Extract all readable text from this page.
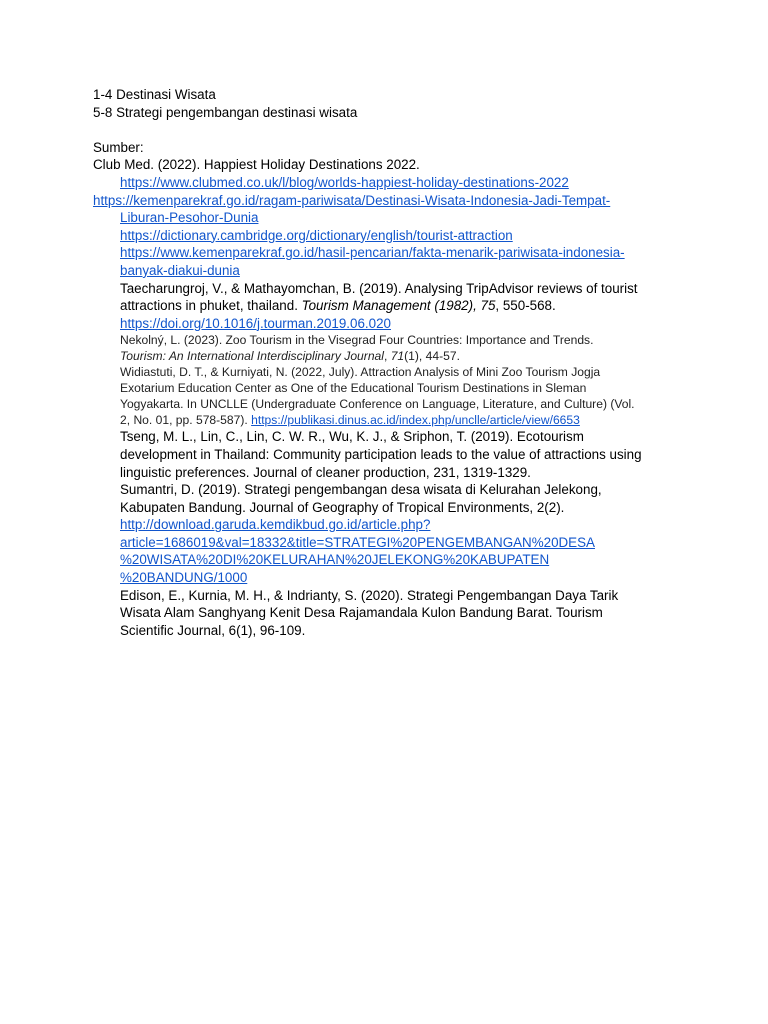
1-4 Destinasi Wisata
5-8 Strategi pengembangan destinasi wisata
Sumber:
Club Med. (2022). Happiest Holiday Destinations 2022.
https://www.clubmed.co.uk/l/blog/worlds-happiest-holiday-destinations-2022
https://kemenparekraf.go.id/ragam-pariwisata/Destinasi-Wisata-Indonesia-Jadi-Tempat-
Liburan-Pesohor-Dunia
https://dictionary.cambridge.org/dictionary/english/tourist-attraction
https://www.kemenparekraf.go.id/hasil-pencarian/fakta-menarik-pariwisata-indonesia-
banyak-diakui-dunia
Taecharungroj, V., & Mathayomchan, B. (2019). Analysing TripAdvisor reviews of tourist
attractions in phuket, thailand. Tourism Management (1982), 75, 550-568.
https://doi.org/10.1016/j.tourman.2019.06.020
Nekolný, L. (2023). Zoo Tourism in the Visegrad Four Countries: Importance and Trends.
Tourism: An International Interdisciplinary Journal, 71(1), 44-57.
Widiastuti, D. T., & Kurniyati, N. (2022, July). Attraction Analysis of Mini Zoo Tourism Jogja
Exotarium Education Center as One of the Educational Tourism Destinations in Sleman
Yogyakarta. In UNCLLE (Undergraduate Conference on Language, Literature, and Culture) (Vol.
2, No. 01, pp. 578-587). https://publikasi.dinus.ac.id/index.php/unclle/article/view/6653
Tseng, M. L., Lin, C., Lin, C. W. R., Wu, K. J., & Sriphon, T. (2019). Ecotourism
development in Thailand: Community participation leads to the value of attractions using
linguistic preferences. Journal of cleaner production, 231, 1319-1329.
Sumantri, D. (2019). Strategi pengembangan desa wisata di Kelurahan Jelekong,
Kabupaten Bandung. Journal of Geography of Tropical Environments, 2(2).
http://download.garuda.kemdikbud.go.id/article.php?
article=1686019&val=18332&title=STRATEGI%20PENGEMBANGAN%20DESA
%20WISATA%20DI%20KELURAHAN%20JELEKONG%20KABUPATEN
%20BANDUNG/1000
Edison, E., Kurnia, M. H., & Indrianty, S. (2020). Strategi Pengembangan Daya Tarik
Wisata Alam Sanghyang Kenit Desa Rajamandala Kulon Bandung Barat. Tourism
Scientific Journal, 6(1), 96-109.
